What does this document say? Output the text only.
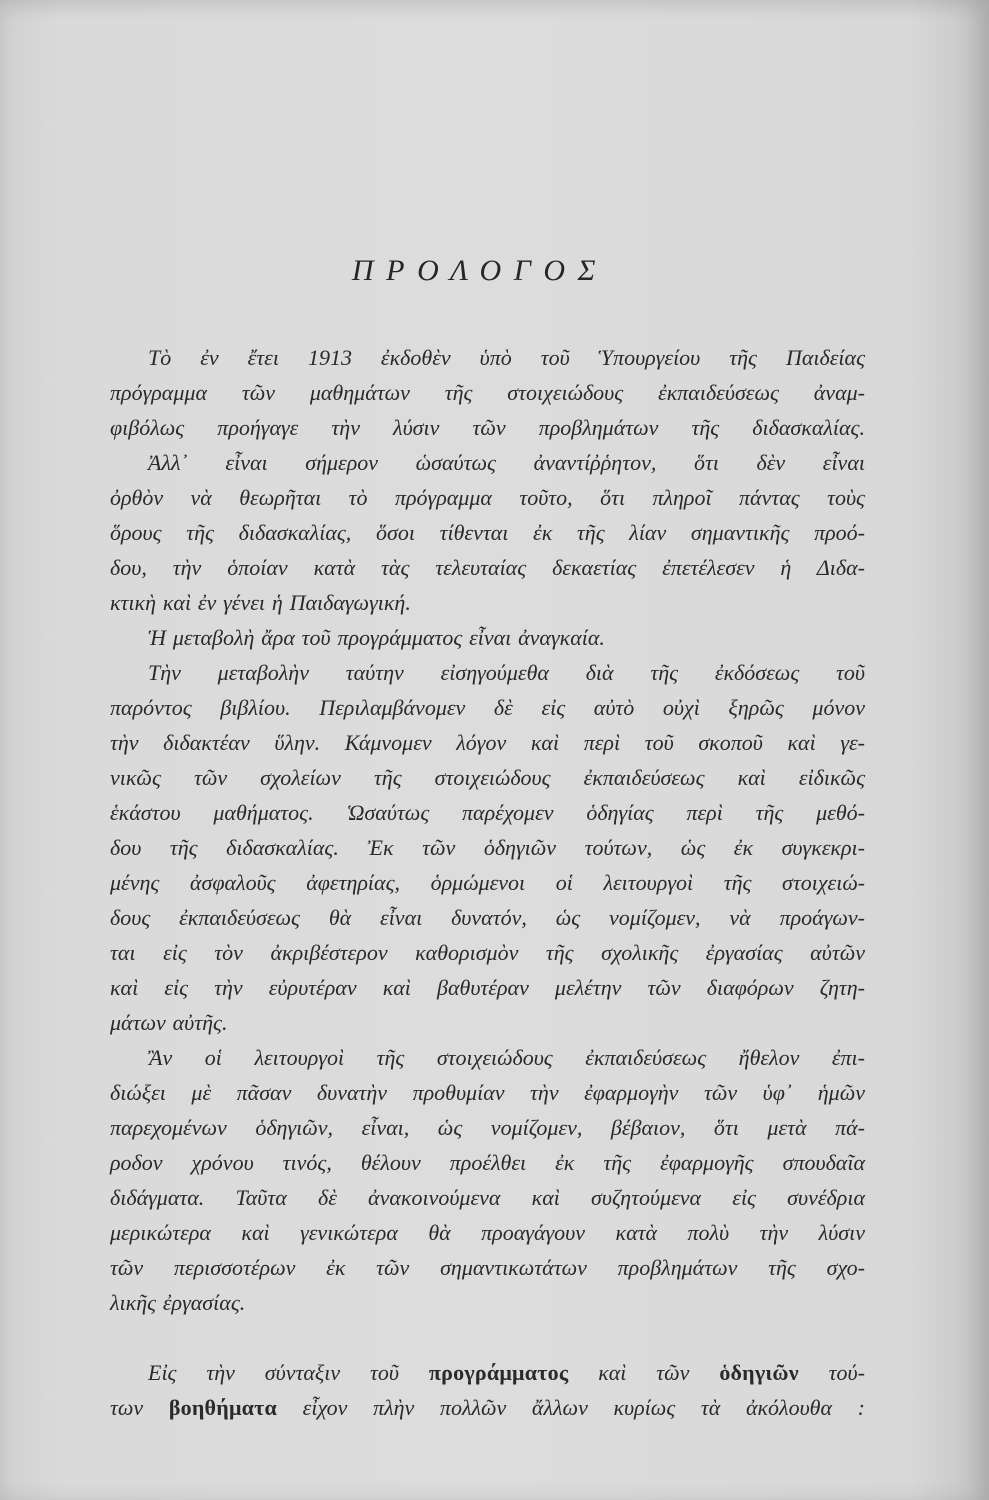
ΠΡΟΛΟΓΟΣ
Τὸ ἐν ἔτει 1913 ἐκδοθὲν ὑπὸ τοῦ Ὑπουργείου τῆς Παιδείας
πρόγραμμα τῶν μαθημάτων τῆς στοιχειώδους ἐκπαιδεύσεως ἀναμ-
φιβόλως προήγαγε τὴν λύσιν τῶν προβλημάτων τῆς διδασκαλίας.
Ἀλλ᾿ εἶναι σήμερον ὡσαύτως ἀναντίῤῥητον, ὅτι δὲν εἶναι
ὀρθὸν νὰ θεωρῆται τὸ πρόγραμμα τοῦτο, ὅτι πληροῖ πάντας τοὺς
ὅρους τῆς διδασκαλίας, ὅσοι τίθενται ἐκ τῆς λίαν σημαντικῆς προό-
δου, τὴν ὁποίαν κατὰ τὰς τελευταίας δεκαετίας ἐπετέλεσεν ἡ Διδα-
κτικὴ καὶ ἐν γένει ἡ Παιδαγωγική.
Ἡ μεταβολὴ ἄρα τοῦ προγράμματος εἶναι ἀναγκαία.
Τὴν μεταβολὴν ταύτην εἰσηγούμεθα διὰ τῆς ἐκδόσεως τοῦ
παρόντος βιβλίου. Περιλαμβάνομεν δὲ εἰς αὐτὸ οὐχὶ ξηρῶς μόνον
τὴν διδακτέαν ὕλην. Κάμνομεν λόγον καὶ περὶ τοῦ σκοποῦ καὶ γε-
νικῶς τῶν σχολείων τῆς στοιχειώδους ἐκπαιδεύσεως καὶ εἰδικῶς
ἑκάστου μαθήματος. Ὡσαύτως παρέχομεν ὁδηγίας περὶ τῆς μεθό-
δου τῆς διδασκαλίας. Ἐκ τῶν ὁδηγιῶν τούτων, ὡς ἐκ συγκεκρι-
μένης ἀσφαλοῦς ἀφετηρίας, ὁρμώμενοι οἱ λειτουργοὶ τῆς στοιχειώ-
δους ἐκπαιδεύσεως θὰ εἶναι δυνατόν, ὡς νομίζομεν, νὰ προάγων-
ται εἰς τὸν ἀκριβέστερον καθορισμὸν τῆς σχολικῆς ἐργασίας αὐτῶν
καὶ εἰς τὴν εὐρυτέραν καὶ βαθυτέραν μελέτην τῶν διαφόρων ζητη-
μάτων αὐτῆς.
Ἂν οἱ λειτουργοὶ τῆς στοιχειώδους ἐκπαιδεύσεως ἤθελον ἐπι-
διώξει μὲ πᾶσαν δυνατὴν προθυμίαν τὴν ἐφαρμογὴν τῶν ὑφ᾿ ἡμῶν
παρεχομένων ὁδηγιῶν, εἶναι, ὡς νομίζομεν, βέβαιον, ὅτι μετὰ πά-
ροδον χρόνου τινός, θέλουν προέλθει ἐκ τῆς ἐφαρμογῆς σπουδαῖα
διδάγματα. Ταῦτα δὲ ἀνακοινούμενα καὶ συζητούμενα εἰς συνέδρια
μερικώτερα καὶ γενικώτερα θὰ προαγάγουν κατὰ πολὺ τὴν λύσιν
τῶν περισσοτέρων ἐκ τῶν σημαντικωτάτων προβλημάτων τῆς σχο-
λικῆς ἐργασίας.
Εἰς τὴν σύνταξιν τοῦ προγράμματος καὶ τῶν ὁδηγιῶν τού-
των βοηθήματα εἶχον πλὴν πολλῶν ἄλλων κυρίως τὰ ἀκόλουθα :
